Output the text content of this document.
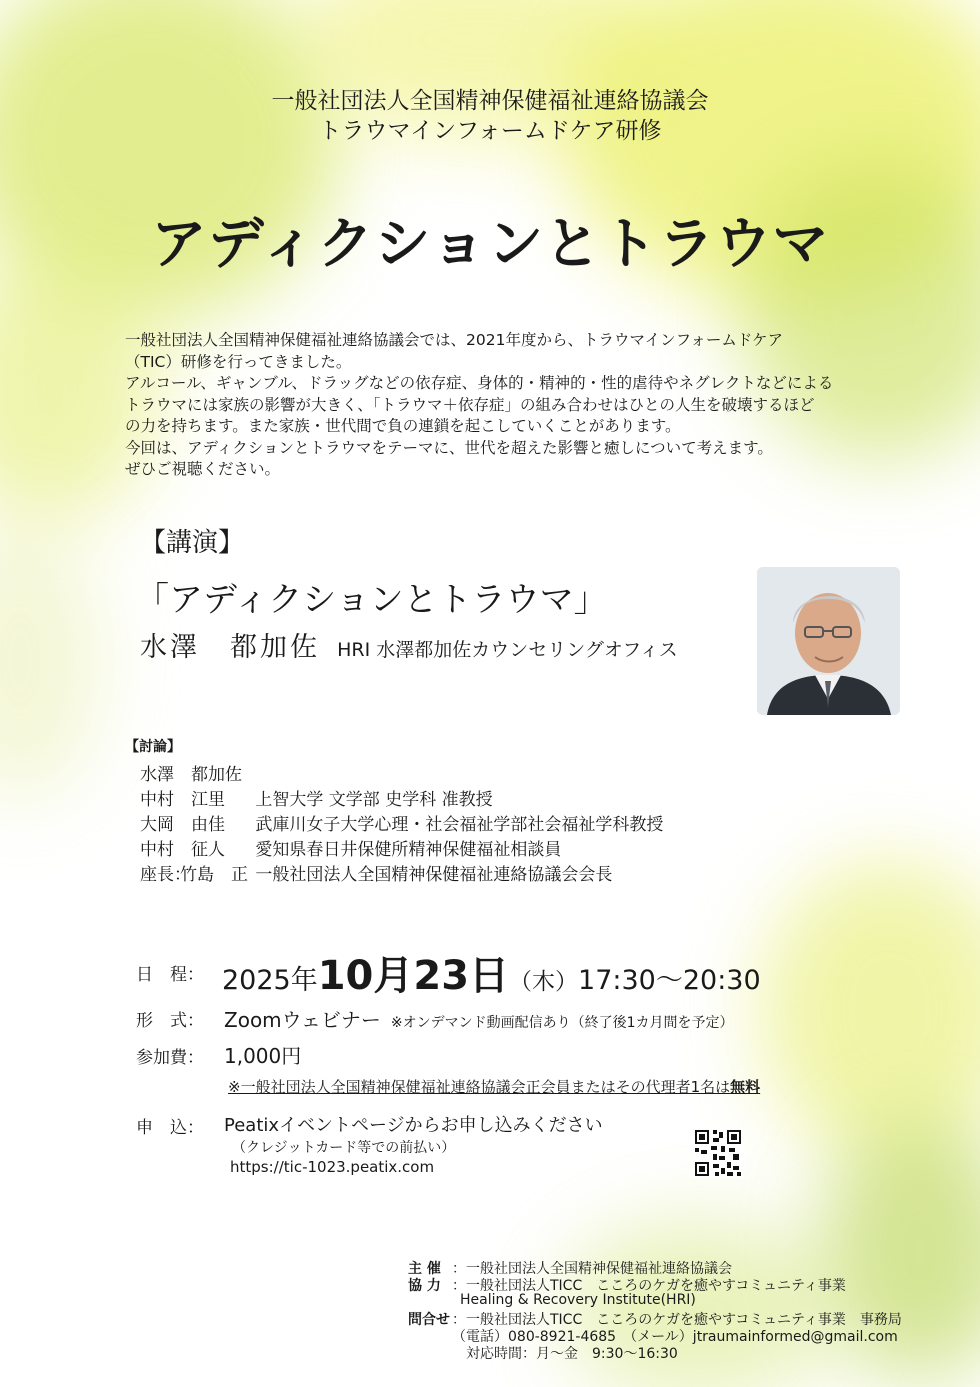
一般社団法人全国精神保健福祉連絡協議会
トラウマインフォームドケア研修
アディクションとトラウマ

一般社団法人全国精神保健福祉連絡協議会では、2021年度から、トラウマインフォームドケア

（TIC）研修を行ってきました。

アルコール、ギャンブル、ドラッグなどの依存症、身体的・精神的・性的虐待やネグレクトなどによる

トラウマには家族の影響が大きく、「トラウマ＋依存症」の組み合わせはひとの人生を破壊するほど

の力を持ちます。また家族・世代間で負の連鎖を起こしていくことがあります。

今回は、アディクションとトラウマをテーマに、世代を超えた影響と癒しについて考えます。

ぜひご視聴ください。

【講演】
「アディクションとトラウマ」
水澤　都加佐 HRI 水澤都加佐カウンセリングオフィス
【討論】
水澤　都加佐
中村　江里 上智大学 文学部 史学科 准教授
大岡　由佳 武庫川女子大学心理・社会福祉学部社会福祉学科教授
中村　征人 愛知県春日井保健所精神保健福祉相談員
座長：竹島　正 一般社団法人全国精神保健福祉連絡協議会会長
日　程： 2025年10月23日（木）17:30～20:30
形　式： Zoomウェビナー ※オンデマンド動画配信あり（終了後1カ月間を予定）
参加費： 1,000円
※一般社団法人全国精神保健福祉連絡協議会正会員またはその代理者1名は無料
申　込： Peatixイベントページからお申し込みください
（クレジットカード等での前払い）
https://tic-1023.peatix.com
主 催 ：一般社団法人全国精神保健福祉連絡協議会
協 力 ：一般社団法人TICC　こころのケガを癒やすコミュニティ事業
Healing & Recovery Institute(HRI)
問合せ ：一般社団法人TICC　こころのケガを癒やすコミュニティ事業　事務局
（電話）080-8921-4685　（メール）jtraumainformed@gmail.com
対応時間：月～金　9:30～16:30
